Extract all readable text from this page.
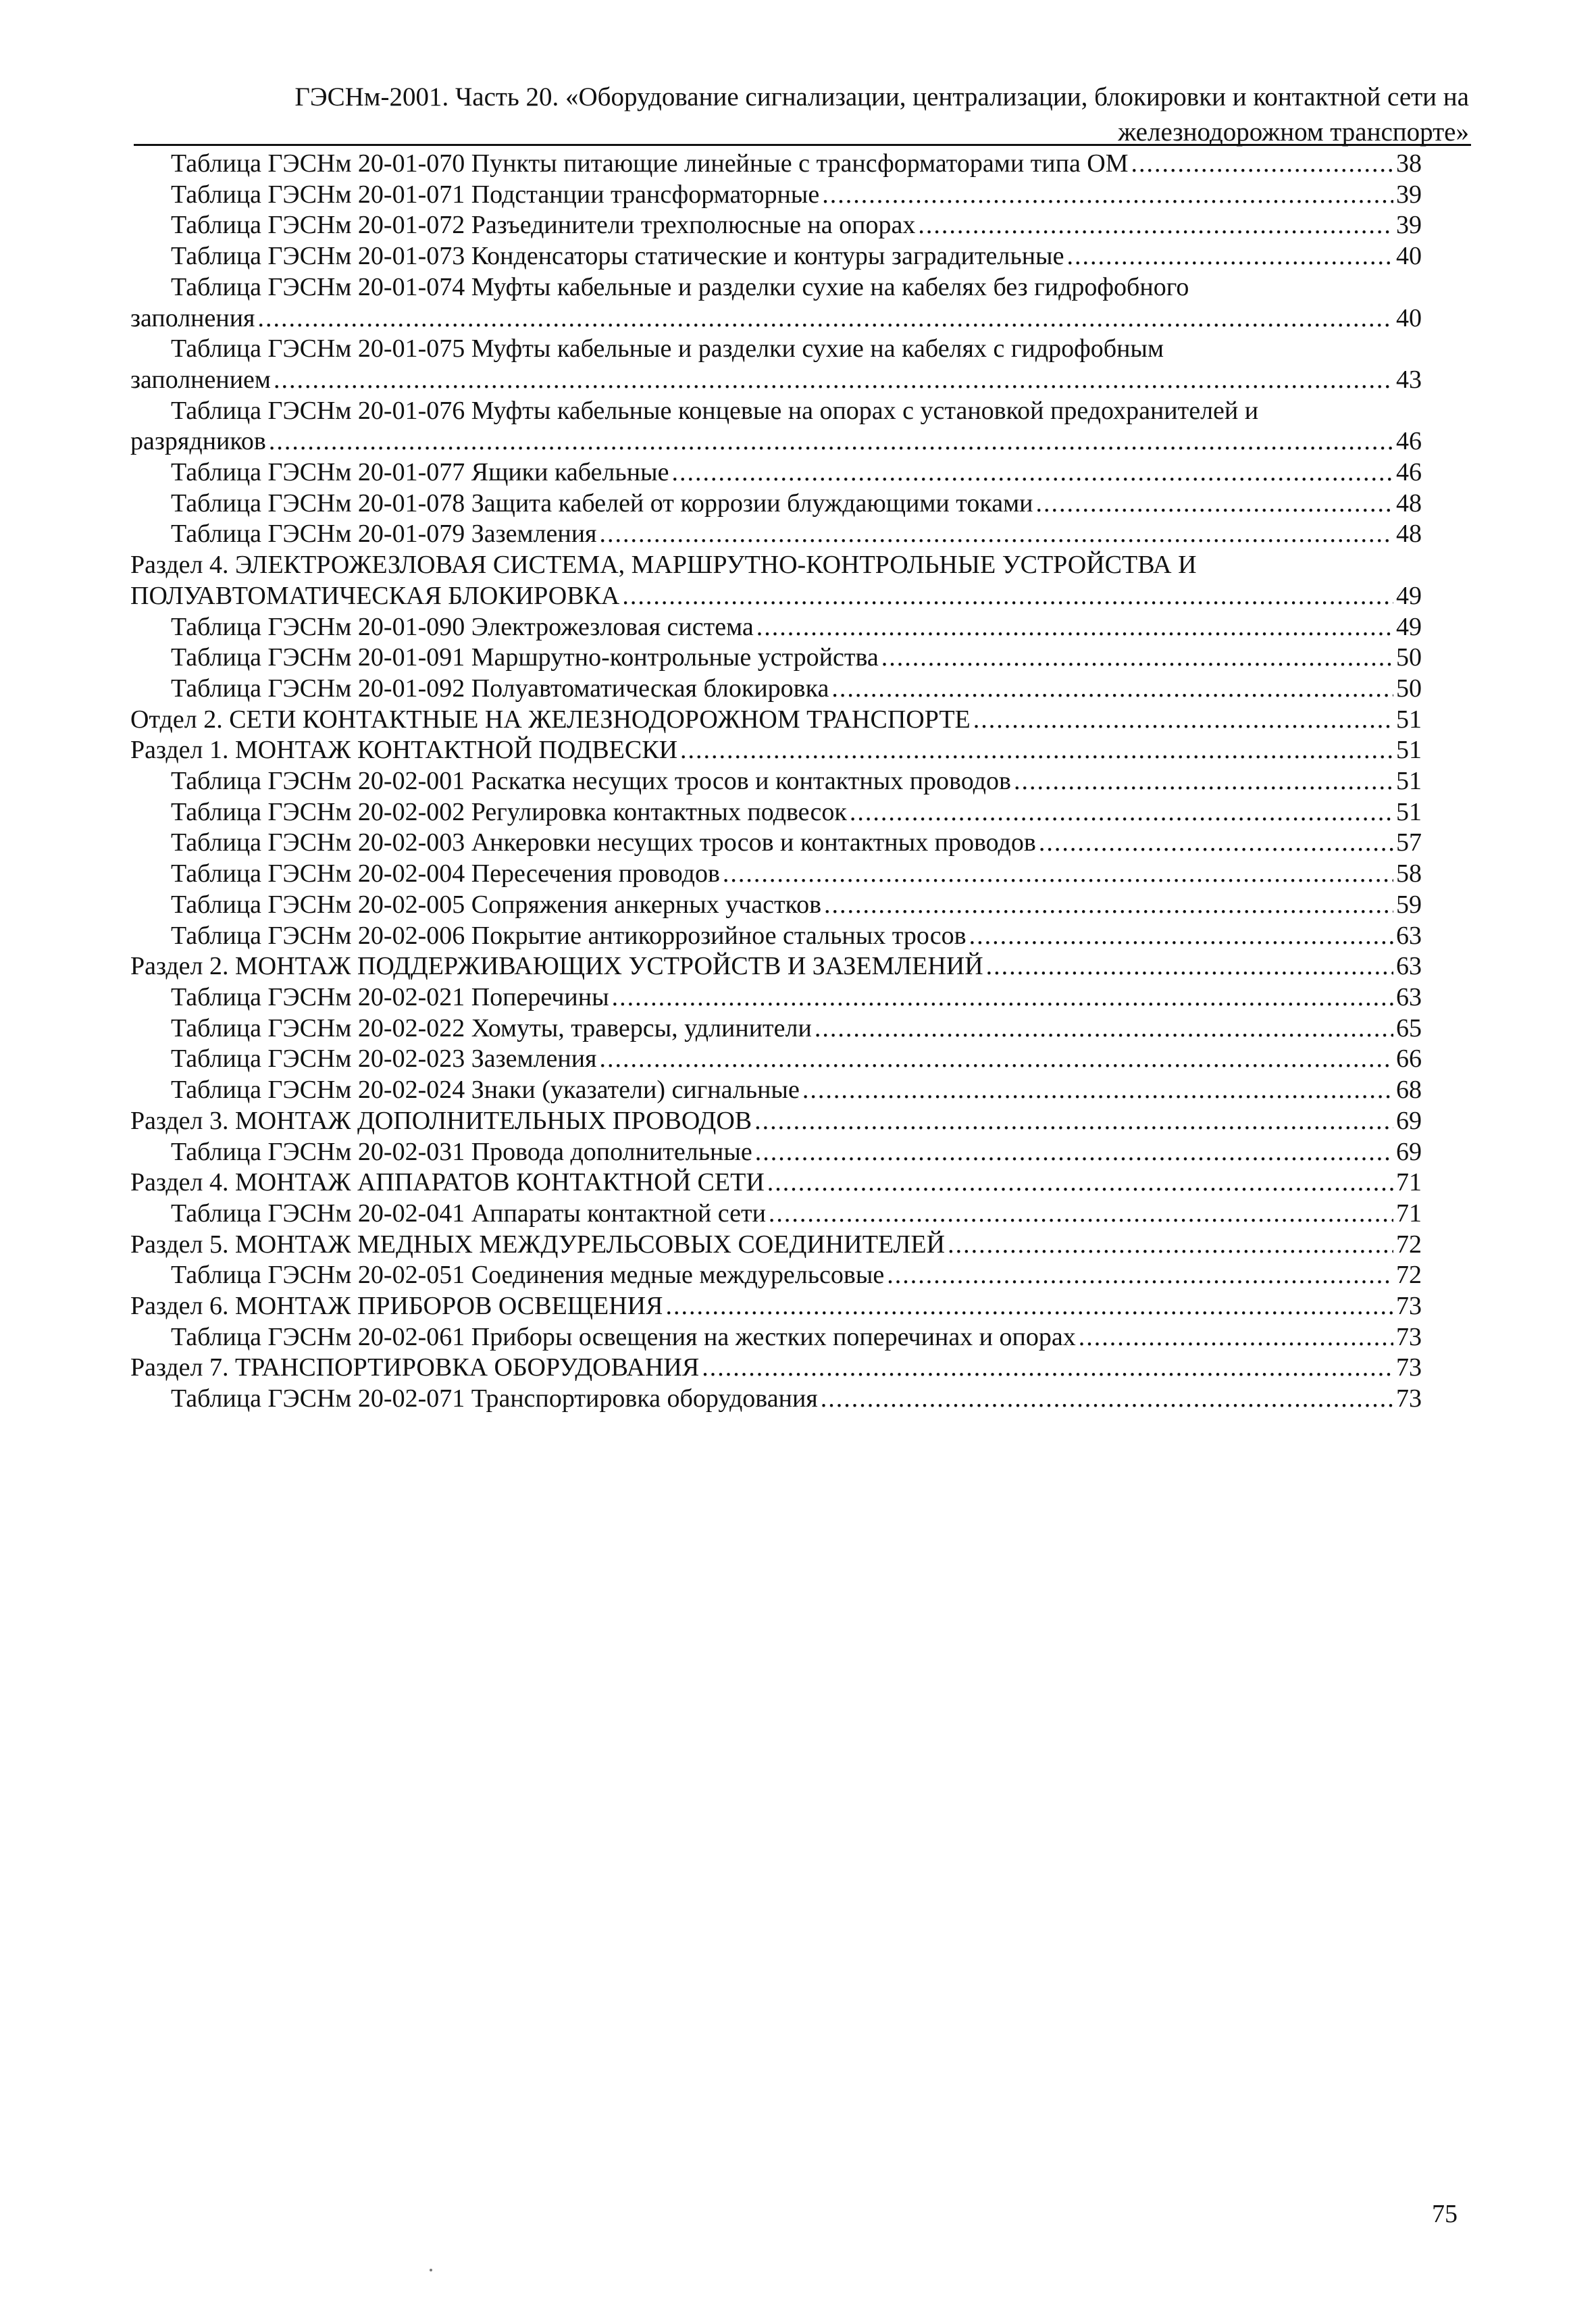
ГЭСНм-2001. Часть 20. «Оборудование сигнализации, централизации, блокировки и контактной сети на
железнодорожном транспорте»
Таблица ГЭСНм 20-01-070 Пункты питающие линейные с трансформаторами типа ОМ .....	38
Таблица ГЭСНм 20-01-071 Подстанции трансформаторные .....	39
Таблица ГЭСНм 20-01-072 Разъединители трехполюсные на опорах .....	39
Таблица ГЭСНм 20-01-073 Конденсаторы статические и контуры заградительные .....	40
Таблица ГЭСНм 20-01-074 Муфты кабельные и разделки сухие на кабелях без гидрофобного
заполнения .....	40
Таблица ГЭСНм 20-01-075 Муфты кабельные и разделки сухие на кабелях с гидрофобным
заполнением .....	43
Таблица ГЭСНм 20-01-076 Муфты кабельные концевые на опорах с установкой предохранителей и
разрядников .....	46
Таблица ГЭСНм 20-01-077 Ящики кабельные .....	46
Таблица ГЭСНм 20-01-078 Защита кабелей от коррозии блуждающими токами .....	48
Таблица ГЭСНм 20-01-079 Заземления .....	48
Раздел 4. ЭЛЕКТРОЖЕЗЛОВАЯ СИСТЕМА, МАРШРУТНО-КОНТРОЛЬНЫЕ УСТРОЙСТВА И
ПОЛУАВТОМАТИЧЕСКАЯ БЛОКИРОВКА .....	49
Таблица ГЭСНм 20-01-090 Электрожезловая система .....	49
Таблица ГЭСНм 20-01-091 Маршрутно-контрольные устройства .....	50
Таблица ГЭСНм 20-01-092 Полуавтоматическая блокировка .....	50
Отдел 2. СЕТИ КОНТАКТНЫЕ НА ЖЕЛЕЗНОДОРОЖНОМ ТРАНСПОРТЕ .....	51
Раздел 1. МОНТАЖ КОНТАКТНОЙ ПОДВЕСКИ .....	51
Таблица ГЭСНм 20-02-001 Раскатка несущих тросов и контактных проводов .....	51
Таблица ГЭСНм 20-02-002 Регулировка контактных подвесок .....	51
Таблица ГЭСНм 20-02-003 Анкеровки несущих тросов и контактных проводов .....	57
Таблица ГЭСНм 20-02-004 Пересечения проводов .....	58
Таблица ГЭСНм 20-02-005 Сопряжения анкерных участков .....	59
Таблица ГЭСНм 20-02-006 Покрытие антикоррозийное стальных тросов .....	63
Раздел 2. МОНТАЖ ПОДДЕРЖИВАЮЩИХ УСТРОЙСТВ И ЗАЗЕМЛЕНИЙ .....	63
Таблица ГЭСНм 20-02-021 Поперечины .....	63
Таблица ГЭСНм 20-02-022 Хомуты, траверсы, удлинители .....	65
Таблица ГЭСНм 20-02-023 Заземления .....	66
Таблица ГЭСНм 20-02-024 Знаки (указатели) сигнальные .....	68
Раздел 3. МОНТАЖ ДОПОЛНИТЕЛЬНЫХ ПРОВОДОВ .....	69
Таблица ГЭСНм 20-02-031 Провода дополнительные .....	69
Раздел 4. МОНТАЖ АППАРАТОВ КОНТАКТНОЙ СЕТИ .....	71
Таблица ГЭСНм 20-02-041 Аппараты контактной сети .....	71
Раздел 5. МОНТАЖ МЕДНЫХ МЕЖДУРЕЛЬСОВЫХ СОЕДИНИТЕЛЕЙ .....	72
Таблица ГЭСНм 20-02-051 Соединения медные междурельсовые .....	72
Раздел 6. МОНТАЖ ПРИБОРОВ ОСВЕЩЕНИЯ .....	73
Таблица ГЭСНм 20-02-061 Приборы освещения на жестких поперечинах и опорах .....	73
Раздел 7. ТРАНСПОРТИРОВКА ОБОРУДОВАНИЯ .....	73
Таблица ГЭСНм 20-02-071 Транспортировка оборудования .....	73
75
